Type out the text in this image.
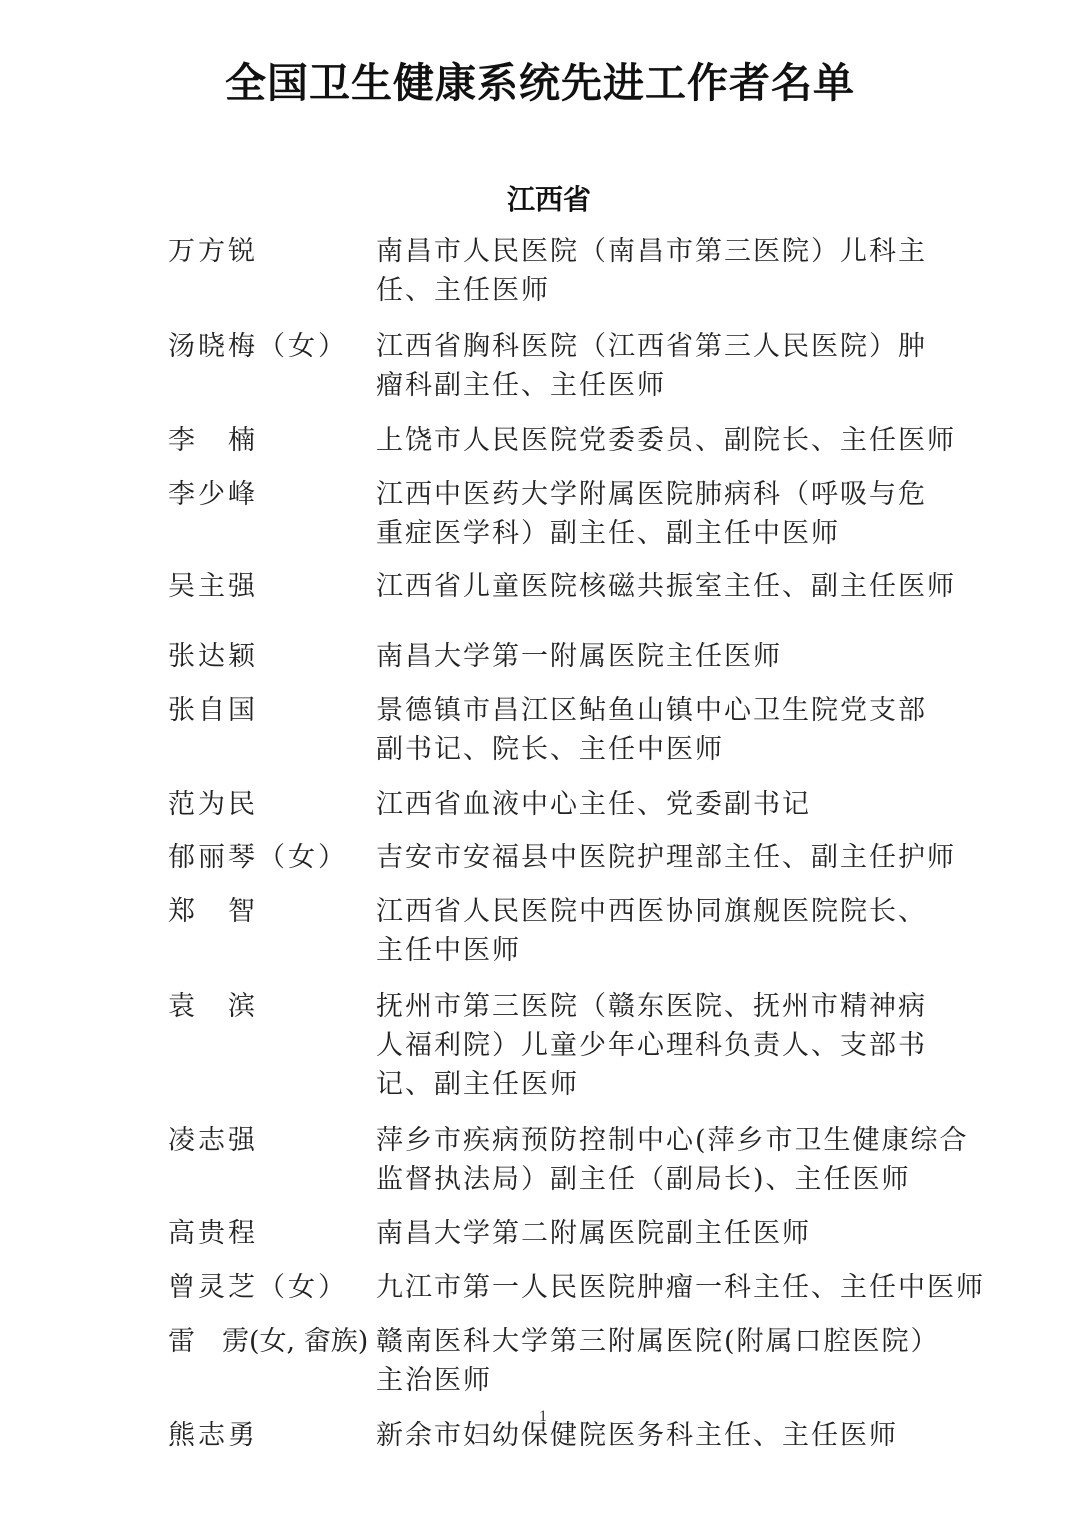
全国卫生健康系统先进工作者名单
江西省
万方锐	南昌市人民医院（南昌市第三医院）儿科主
任、主任医师
汤晓梅（女）	江西省胸科医院（江西省第三人民医院）肿
瘤科副主任、主任医师
李　楠	上饶市人民医院党委委员、副院长、主任医师
李少峰	江西中医药大学附属医院肺病科（呼吸与危
重症医学科）副主任、副主任中医师
吴主强	江西省儿童医院核磁共振室主任、副主任医师
张达颖	南昌大学第一附属医院主任医师
张自国	景德镇市昌江区鲇鱼山镇中心卫生院党支部
副书记、院长、主任中医师
范为民	江西省血液中心主任、党委副书记
郁丽琴（女）	吉安市安福县中医院护理部主任、副主任护师
郑　智	江西省人民医院中西医协同旗舰医院院长、
主任中医师
袁　滨	抚州市第三医院（赣东医院、抚州市精神病
人福利院）儿童少年心理科负责人、支部书
记、副主任医师
凌志强	萍乡市疾病预防控制中心(萍乡市卫生健康综合
监督执法局）副主任（副局长)、主任医师
高贵程	南昌大学第二附属医院副主任医师
曾灵芝（女）	九江市第一人民医院肿瘤一科主任、主任中医师
雷　雳(女, 畲族) 赣南医科大学第三附属医院(附属口腔医院）
主治医师
熊志勇	新余市妇幼保健院医务科主任、主任医师
1
